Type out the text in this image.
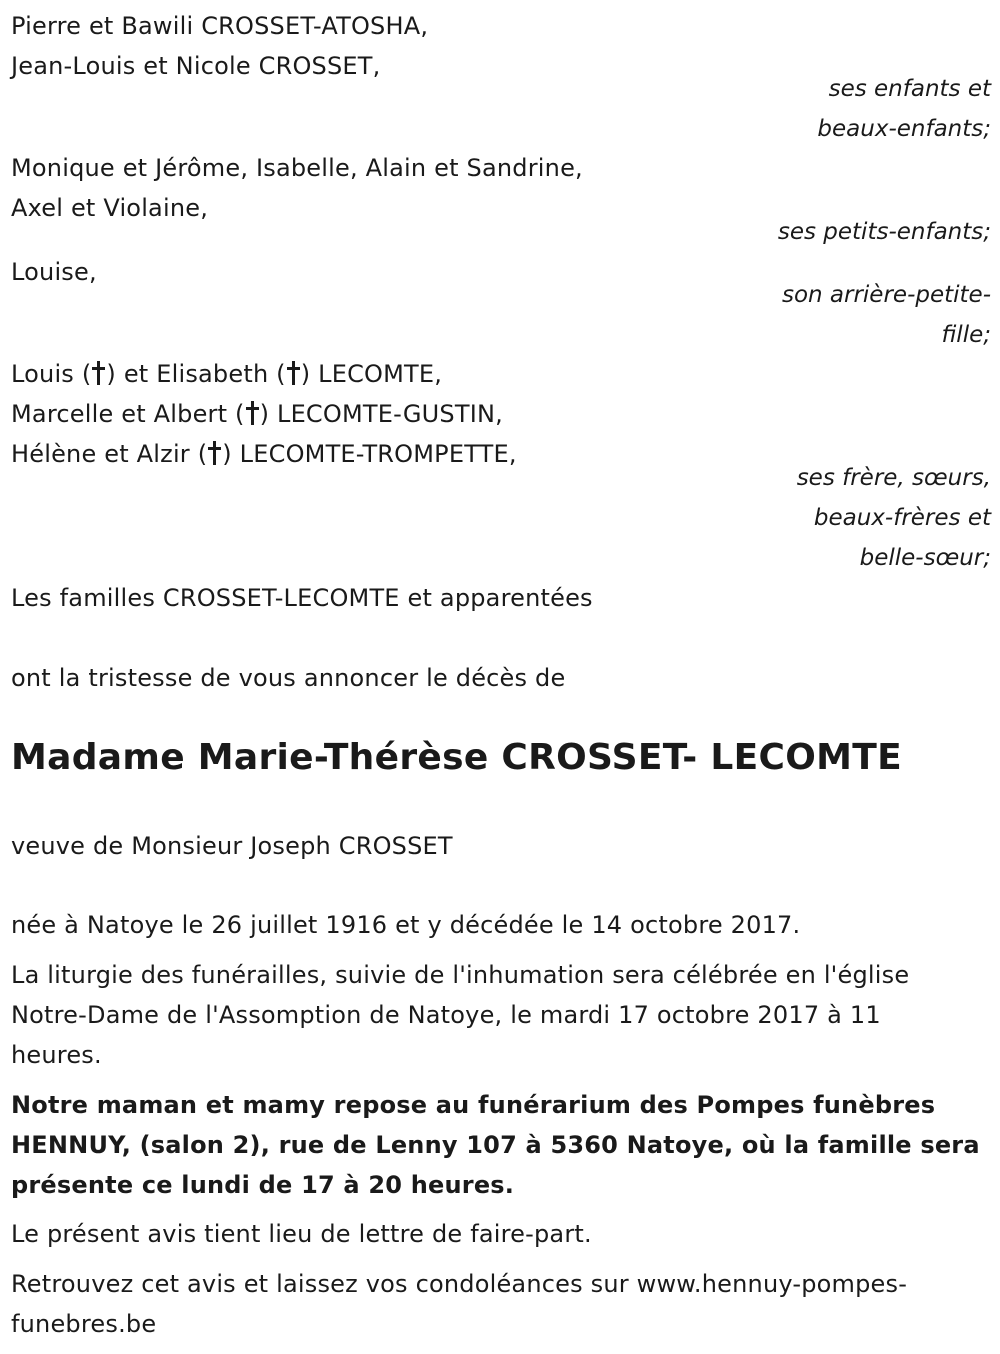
Pierre et Bawili CROSSET-ATOSHA,
Jean-Louis et Nicole CROSSET,
ses enfants et
beaux-enfants;
Monique et Jérôme, Isabelle, Alain et Sandrine,
Axel et Violaine,
ses petits-enfants;
Louise,
son arrière-petite-
fille;
Louis ( ) et Elisabeth ( ) LECOMTE,
Marcelle et Albert ( ) LECOMTE-GUSTIN,
Hélène et Alzir ( ) LECOMTE-TROMPETTE,
ses frère, sœurs,
beaux-frères et
belle-sœur;
Les familles CROSSET-LECOMTE et apparentées
ont la tristesse de vous annoncer le décès de
Madame Marie-Thérèse CROSSET- LECOMTE
veuve de Monsieur Joseph CROSSET
née à Natoye le 26 juillet 1916 et y décédée le 14 octobre 2017.
La liturgie des funérailles, suivie de l'inhumation sera célébrée en l'église
Notre-Dame de l'Assomption de Natoye, le mardi 17 octobre 2017 à 11
heures.
Notre maman et mamy repose au funérarium des Pompes funèbres
HENNUY, (salon 2), rue de Lenny 107 à 5360 Natoye, où la famille sera
présente ce lundi de 17 à 20 heures.
Le présent avis tient lieu de lettre de faire-part.
Retrouvez cet avis et laissez vos condoléances sur www.hennuy-pompes-
funebres.be
